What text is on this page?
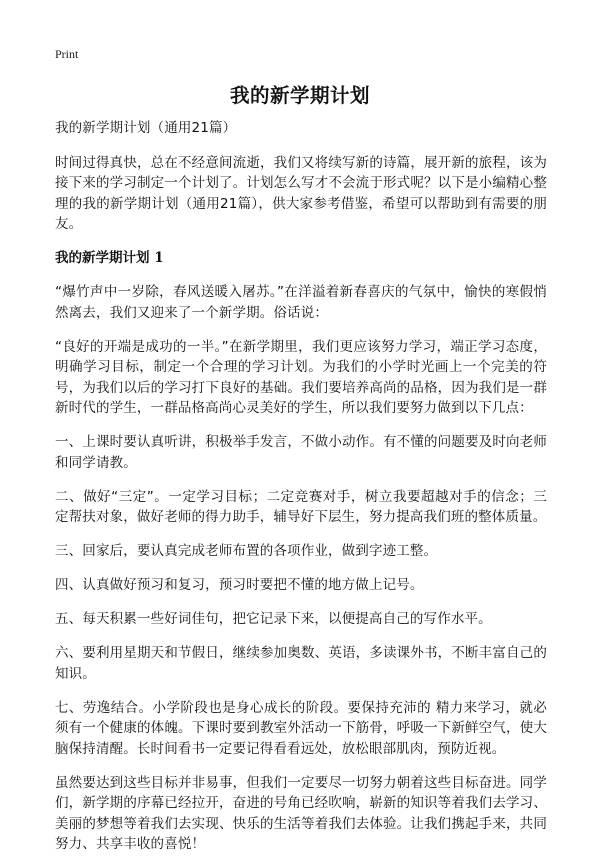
Print
我的新学期计划

我的新学期计划（通用21篇）

时间过得真快，总在不经意间流逝，我们又将续写新的诗篇，展开新的旅程，该为接下来的学习制定一个计划了。计划怎么写才不会流于形式呢？以下是小编精心整理的我的新学期计划（通用21篇），供大家参考借鉴，希望可以帮助到有需要的朋友。

我的新学期计划 1

“爆竹声中一岁除，春风送暖入屠苏。”在洋溢着新春喜庆的气氛中，愉快的寒假悄然离去，我们又迎来了一个新学期。俗话说：

“良好的开端是成功的一半。”在新学期里，我们更应该努力学习，端正学习态度，明确学习目标，制定一个合理的学习计划。为我们的小学时光画上一个完美的符号，为我们以后的学习打下良好的基础。我们要培养高尚的品格，因为我们是一群新时代的学生，一群品格高尚心灵美好的学生，所以我们要努力做到以下几点：

一、上课时要认真听讲，积极举手发言，不做小动作。有不懂的问题要及时向老师和同学请教。

二、做好“三定”。一定学习目标；二定竞赛对手，树立我要超越对手的信念；三定帮扶对象，做好老师的得力助手，辅导好下层生，努力提高我们班的整体质量。

三、回家后，要认真完成老师布置的各项作业，做到字迹工整。

四、认真做好预习和复习，预习时要把不懂的地方做上记号。

五、每天积累一些好词佳句，把它记录下来，以便提高自己的写作水平。

六、要利用星期天和节假日，继续参加奥数、英语，多读课外书，不断丰富自己的知识。

七、劳逸结合。小学阶段也是身心成长的阶段。要保持充沛的 精力来学习，就必须有一个健康的体魄。下课时要到教室外活动一下筋骨，呼吸一下新鲜空气，使大脑保持清醒。长时间看书一定要记得看看远处，放松眼部肌肉，预防近视。

虽然要达到这些目标并非易事，但我们一定要尽一切努力朝着这些目标奋进。同学们，新学期的序幕已经拉开，奋进的号角已经吹响，崭新的知识等着我们去学习、美丽的梦想等着我们去实现、快乐的生活等着我们去体验。让我们携起手来，共同努力、共享丰收的喜悦！
